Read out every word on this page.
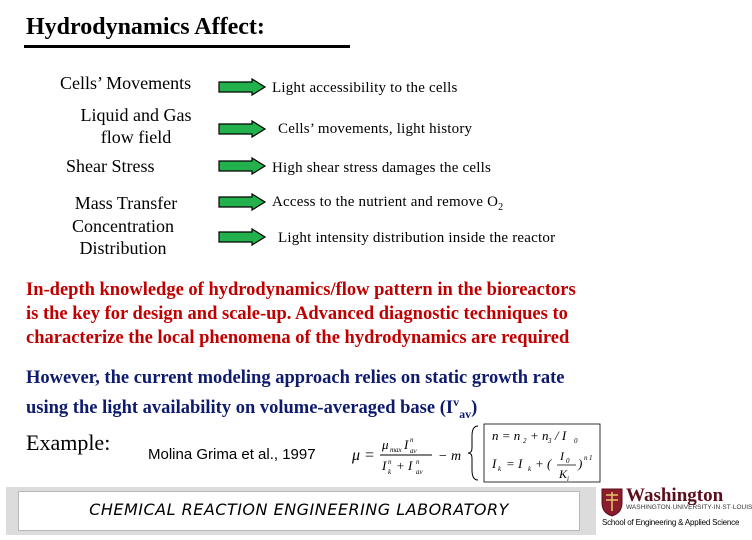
Hydrodynamics Affect:
Cells’ Movements	Light accessibility to the cells
Liquid and Gas
flow field	Cells’ movements, light history
Shear Stress	High shear stress damages the cells
Mass Transfer	Access to the nutrient and remove $O_2$
Concentration
Distribution	Light intensity distribution inside the reactor
In-depth knowledge of hydrodynamics/flow pattern in the bioreactors
is the key for design and scale-up. Advanced diagnostic techniques to
characterize the local phenomena of the hydrodynamics are required
However, the current modeling approach relies on static growth rate
using the light availability on volume-averaged base $(I^v_{av})$
Example:	Molina Grima et al., 1997 μ =
μ max I n
av
I n
k + I n
av
− m
n = n 2 + n 3 / I 0
I k = I k + ( I 0
K i
) n 1
CHEMICAL REACTION ENGINEERING LABORATORY
Washington
WASHINGTON·UNIVERSITY·IN·ST·LOUIS
School of Engineering & Applied Science
